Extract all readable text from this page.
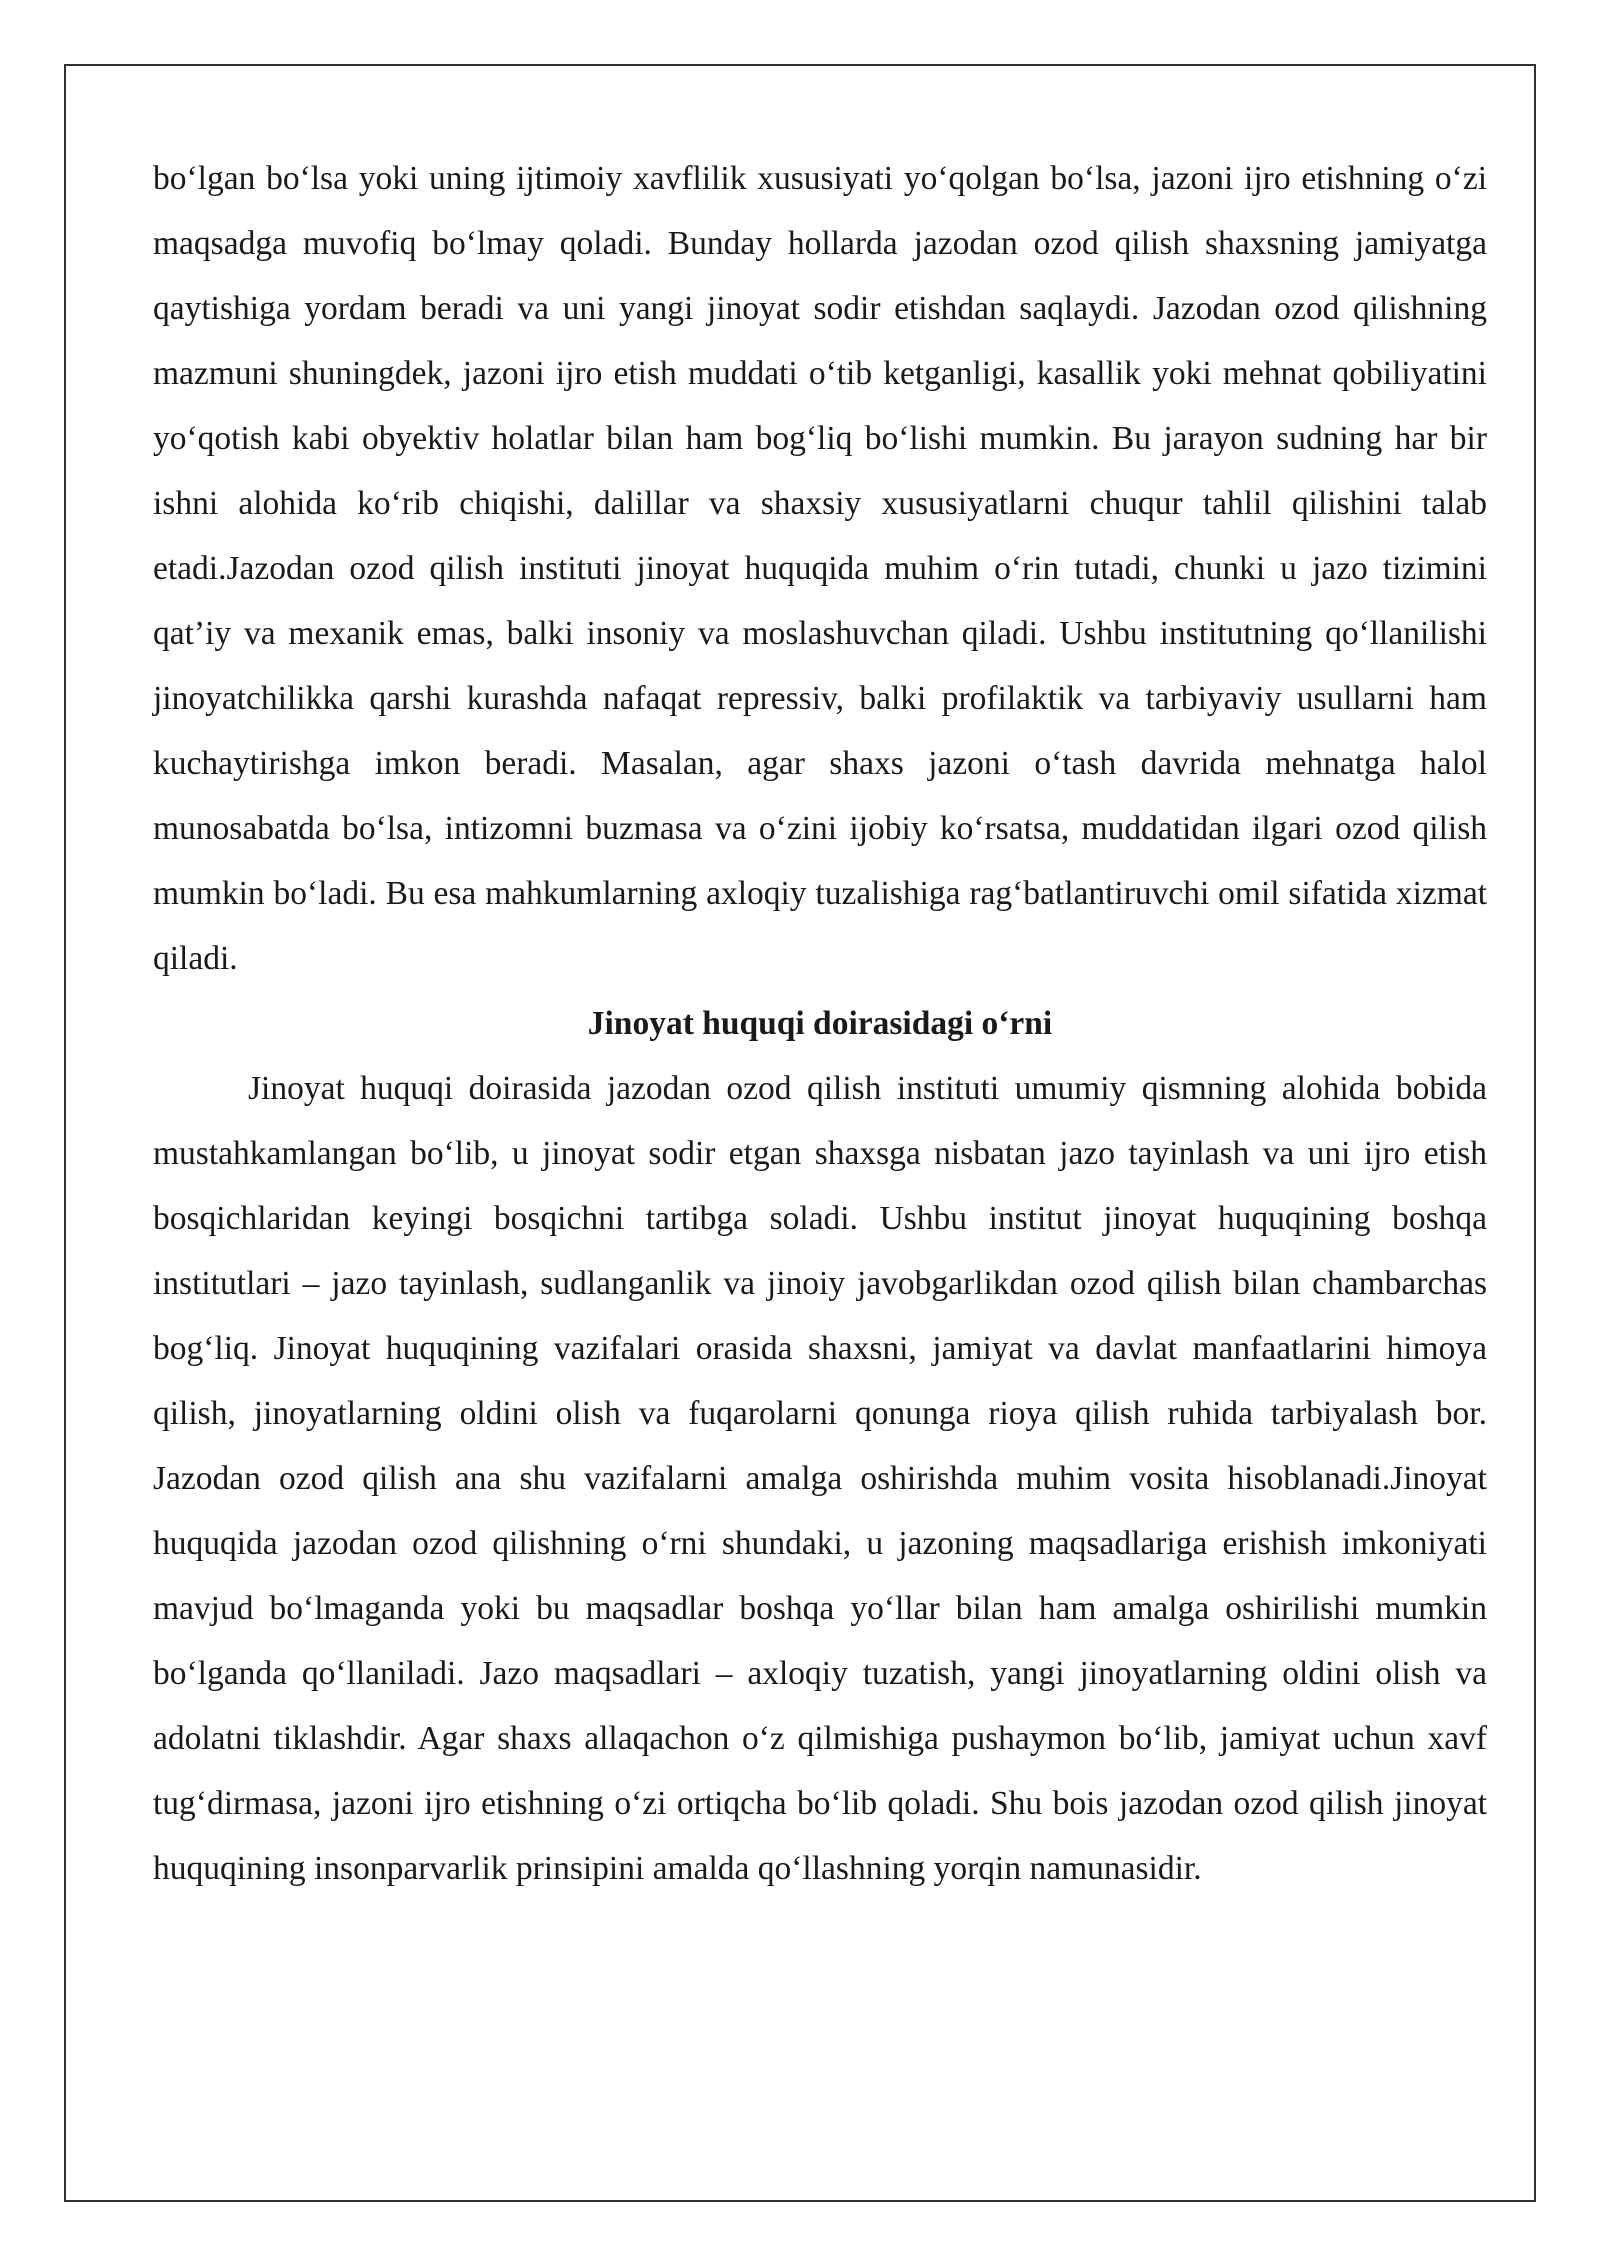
bo‘lgan bo‘lsa yoki uning ijtimoiy xavflilik xususiyati yo‘qolgan bo‘lsa, jazoni ijro etishning o‘zi maqsadga muvofiq bo‘lmay qoladi. Bunday hollarda jazodan ozod qilish shaxsning jamiyatga qaytishiga yordam beradi va uni yangi jinoyat sodir etishdan saqlaydi. Jazodan ozod qilishning mazmuni shuningdek, jazoni ijro etish muddati o‘tib ketganligi, kasallik yoki mehnat qobiliyatini yo‘qotish kabi obyektiv holatlar bilan ham bog‘liq bo‘lishi mumkin. Bu jarayon sudning har bir ishni alohida ko‘rib chiqishi, dalillar va shaxsiy xususiyatlarni chuqur tahlil qilishini talab etadi.Jazodan ozod qilish instituti jinoyat huquqida muhim o‘rin tutadi, chunki u jazo tizimini qat’iy va mexanik emas, balki insoniy va moslashuvchan qiladi. Ushbu institutning qo‘llanilishi jinoyatchilikka qarshi kurashda nafaqat repressiv, balki profilaktik va tarbiyaviy usullarni ham kuchaytirishga imkon beradi. Masalan, agar shaxs jazoni o‘tash davrida mehnatga halol munosabatda bo‘lsa, intizomni buzmasa va o‘zini ijobiy ko‘rsatsa, muddatidan ilgari ozod qilish mumkin bo‘ladi. Bu esa mahkumlarning axloqiy tuzalishiga rag‘batlantiruvchi omil sifatida xizmat qiladi.

Jinoyat huquqi doirasidagi o‘rni

Jinoyat huquqi doirasida jazodan ozod qilish instituti umumiy qismning alohida bobida mustahkamlangan bo‘lib, u jinoyat sodir etgan shaxsga nisbatan jazo tayinlash va uni ijro etish bosqichlaridan keyingi bosqichni tartibga soladi. Ushbu institut jinoyat huquqining boshqa institutlari – jazo tayinlash, sudlanganlik va jinoiy javobgarlikdan ozod qilish bilan chambarchas bog‘liq. Jinoyat huquqining vazifalari orasida shaxsni, jamiyat va davlat manfaatlarini himoya qilish, jinoyatlarning oldini olish va fuqarolarni qonunga rioya qilish ruhida tarbiyalash bor. Jazodan ozod qilish ana shu vazifalarni amalga oshirishda muhim vosita hisoblanadi.Jinoyat huquqida jazodan ozod qilishning o‘rni shundaki, u jazoning maqsadlariga erishish imkoniyati mavjud bo‘lmaganda yoki bu maqsadlar boshqa yo‘llar bilan ham amalga oshirilishi mumkin bo‘lganda qo‘llaniladi. Jazo maqsadlari – axloqiy tuzatish, yangi jinoyatlarning oldini olish va adolatni tiklashdir. Agar shaxs allaqachon o‘z qilmishiga pushaymon bo‘lib, jamiyat uchun xavf tug‘dirmasa, jazoni ijro etishning o‘zi ortiqcha bo‘lib qoladi. Shu bois jazodan ozod qilish jinoyat huquqining insonparvarlik prinsipini amalda qo‘llashning yorqin namunasidir.
